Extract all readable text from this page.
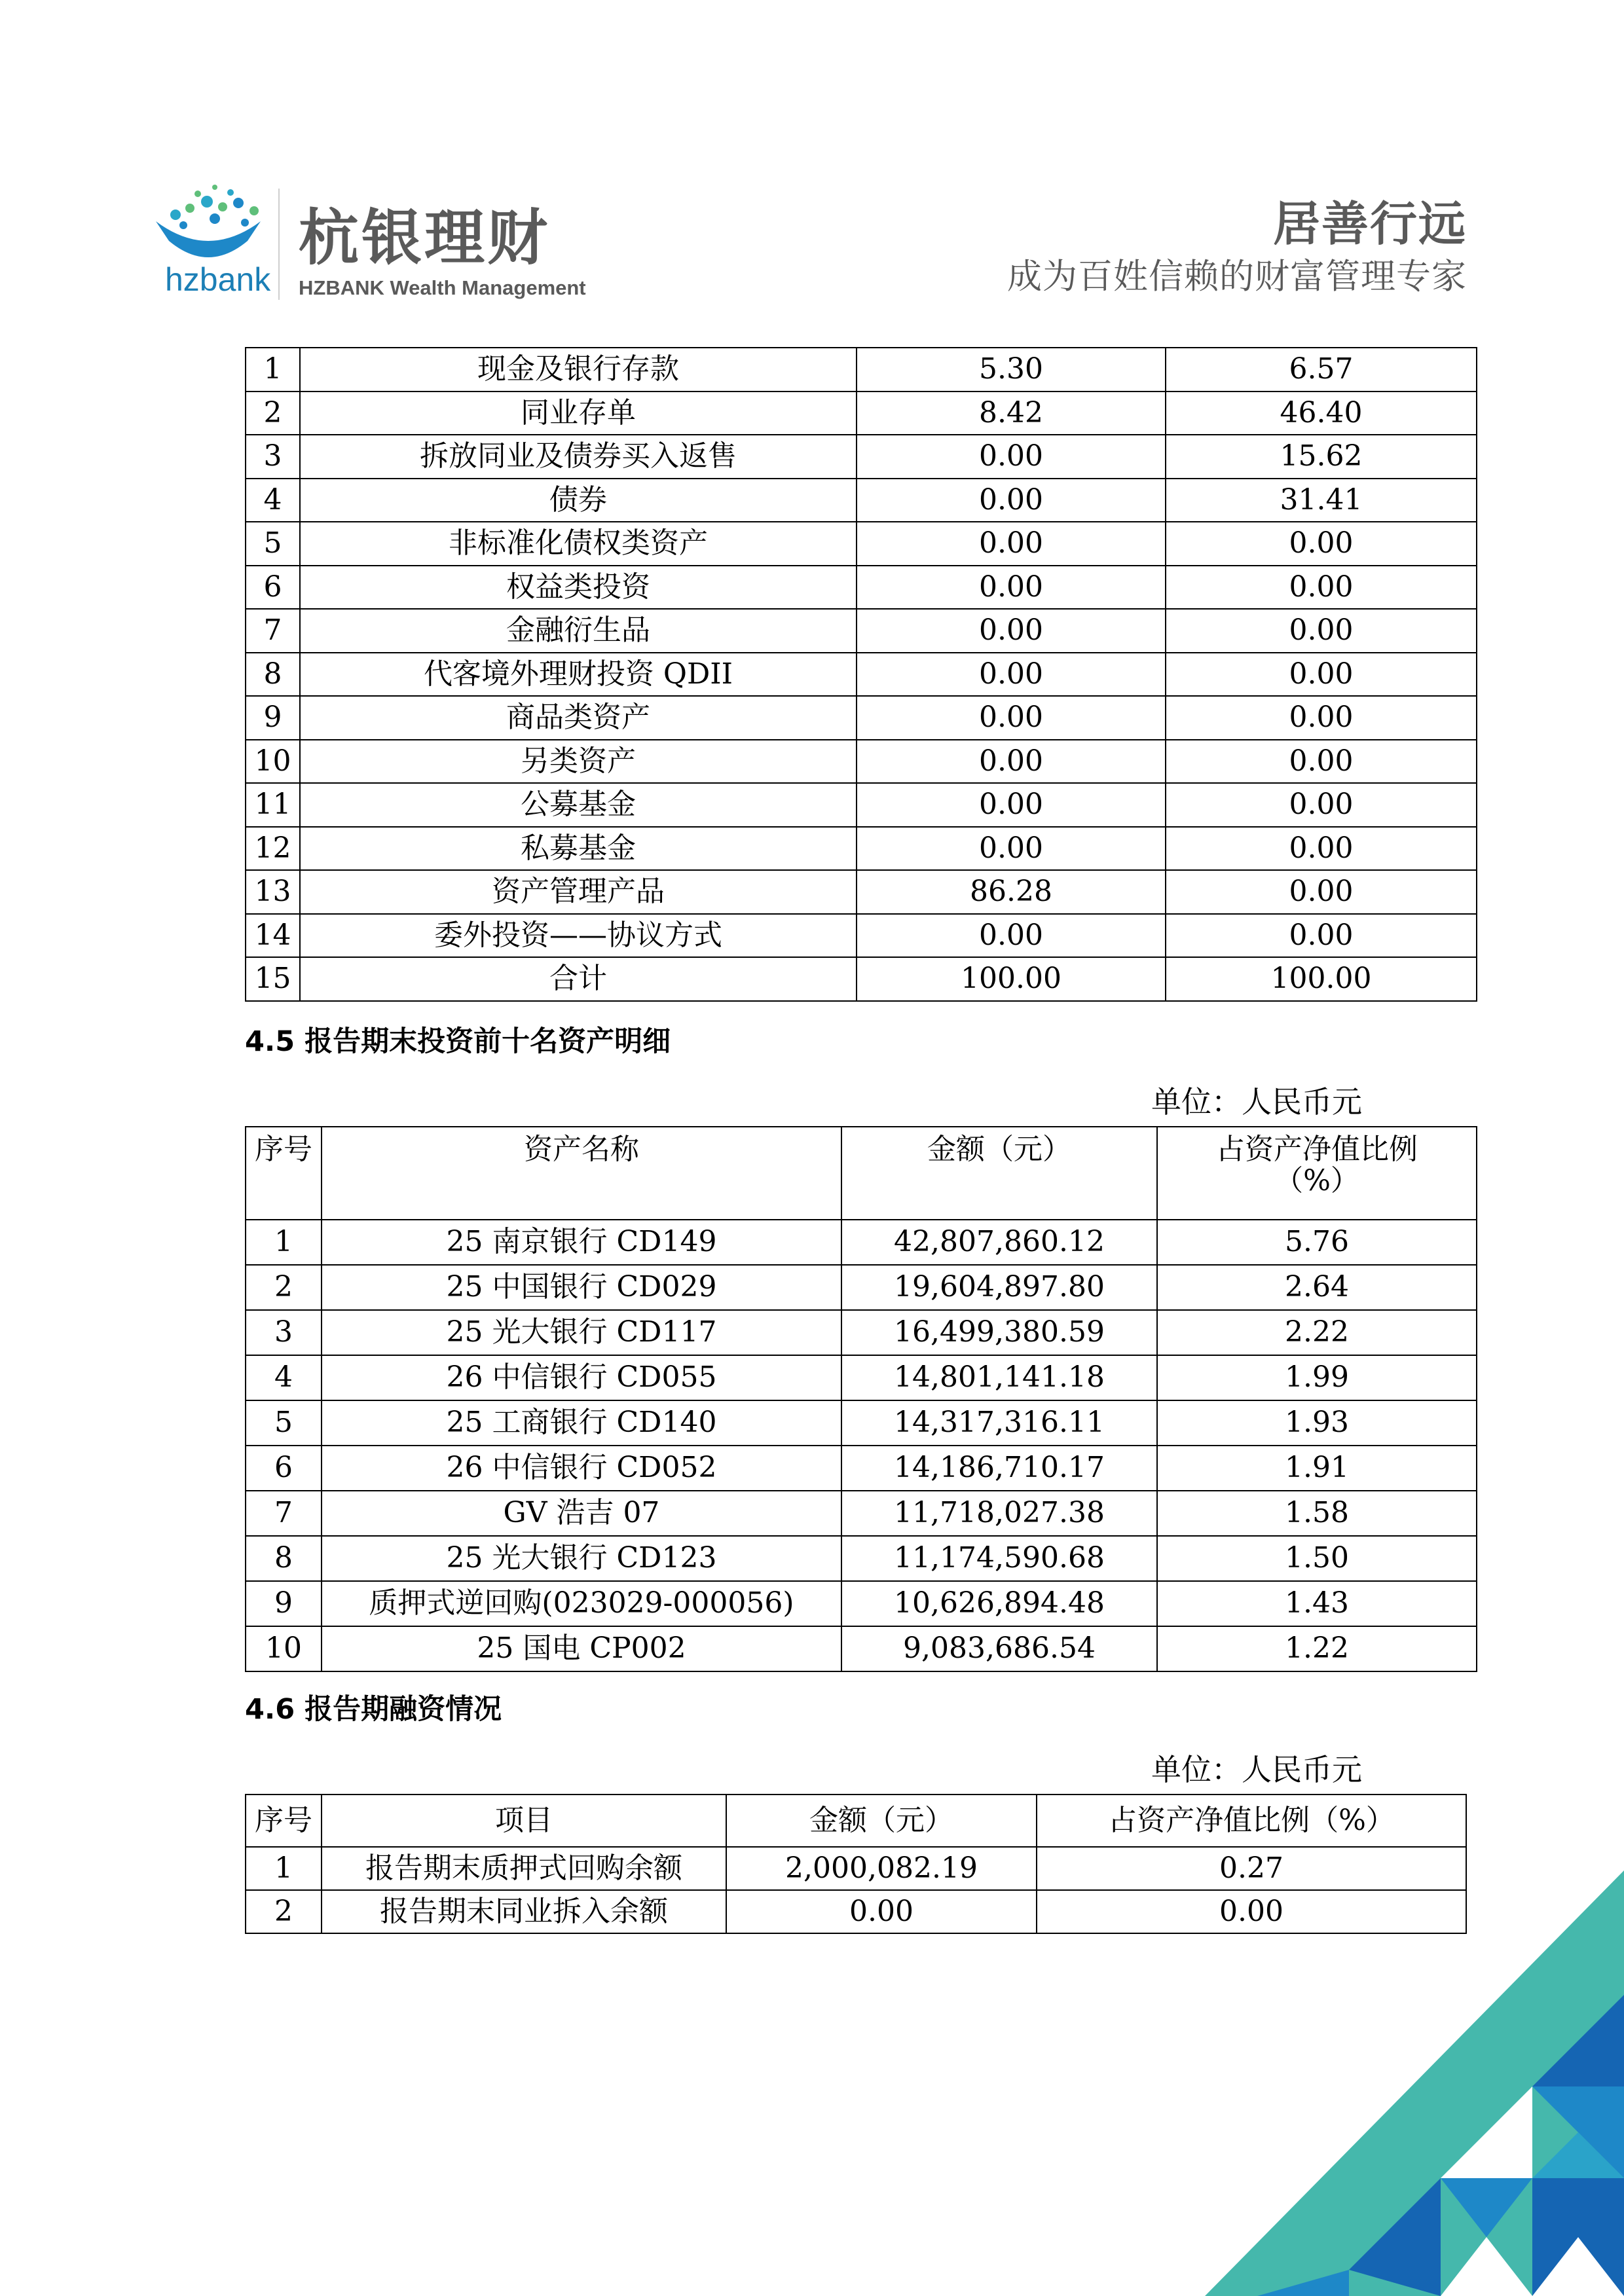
hzbank
杭银理财
HZBANK Wealth Management
居善行远
成为百姓信赖的财富管理专家
1	现金及银行存款	5.30	6.57
2	同业存单	8.42	46.40
3	拆放同业及债券买入返售	0.00	15.62
4	债券	0.00	31.41
5	非标准化债权类资产	0.00	0.00
6	权益类投资	0.00	0.00
7	金融衍生品	0.00	0.00
8	代客境外理财投资 QDII	0.00	0.00
9	商品类资产	0.00	0.00
10	另类资产	0.00	0.00
11	公募基金	0.00	0.00
12	私募基金	0.00	0.00
13	资产管理产品	86.28	0.00
14	委外投资——协议方式	0.00	0.00
15	合计	100.00	100.00
4.5 报告期末投资前十名资产明细
单位：人民币元
序号	资产名称	金额（元）	占资产净值比例
（%）
1	25 南京银行 CD149	42,807,860.12	5.76
2	25 中国银行 CD029	19,604,897.80	2.64
3	25 光大银行 CD117	16,499,380.59	2.22
4	26 中信银行 CD055	14,801,141.18	1.99
5	25 工商银行 CD140	14,317,316.11	1.93
6	26 中信银行 CD052	14,186,710.17	1.91
7	GV 浩吉 07	11,718,027.38	1.58
8	25 光大银行 CD123	11,174,590.68	1.50
9	质押式逆回购(023029-000056)	10,626,894.48	1.43
10	25 国电 CP002	9,083,686.54	1.22
4.6 报告期融资情况
单位：人民币元
序号	项目	金额（元）	占资产净值比例（%）
1	报告期末质押式回购余额	2,000,082.19	0.27
2	报告期末同业拆入余额	0.00	0.00
